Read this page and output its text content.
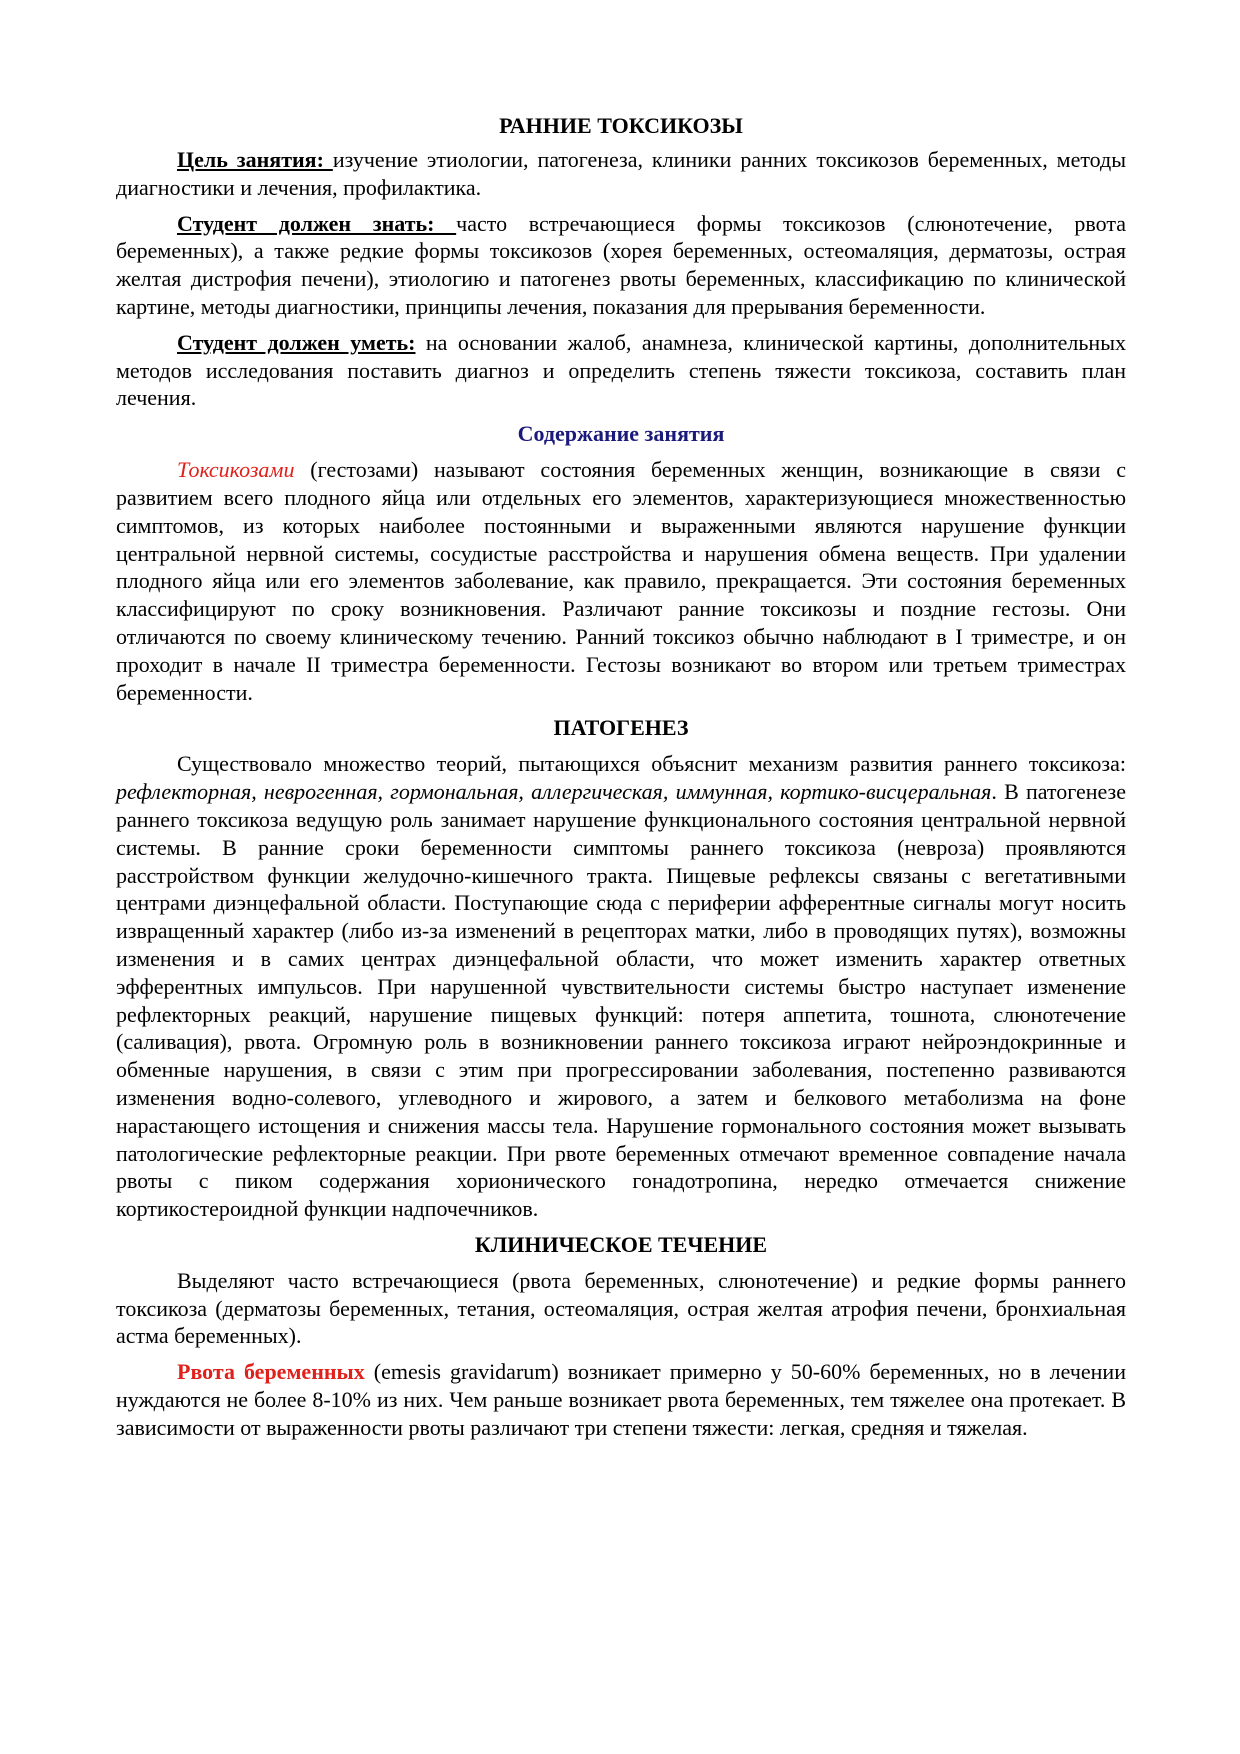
РАННИЕ ТОКСИКОЗЫ

Цель занятия: изучение этиологии, патогенеза, клиники ранних токсикозов беременных, методы диагностики и лечения, профилактика.

Студент должен знать: часто встречающиеся формы токсикозов (слюнотечение, рвота беременных), а также редкие формы токсикозов (хорея беременных, остеомаляция, дерматозы, острая желтая дистрофия печени), этиологию и патогенез рвоты беременных, классификацию по клинической картине, методы диагностики, принципы лечения, показания для прерывания беременности.

Студент должен уметь: на основании жалоб, анамнеза, клинической картины, дополнительных методов исследования поставить диагноз и определить степень тяжести токсикоза, составить план лечения.

Содержание занятия

Токсикозами (гестозами) называют состояния беременных женщин, возникающие в связи с развитием всего плодного яйца или отдельных его элементов, характеризующиеся множественностью симптомов, из которых наиболее постоянными и выраженными являются нарушение функции центральной нервной системы, сосудистые расстройства и нарушения обмена веществ. При удалении плодного яйца или его элементов заболевание, как правило, прекращается. Эти состояния беременных классифицируют по сроку возникновения. Различают ранние токсикозы и поздние гестозы. Они отличаются по своему клиническому течению. Ранний токсикоз обычно наблюдают в I триместре, и он проходит в начале II триместра беременности. Гестозы возникают во втором или третьем триместрах беременности.

ПАТОГЕНЕЗ

Существовало множество теорий, пытающихся объяснит механизм развития раннего токсикоза: рефлекторная, неврогенная, гормональная, аллергическая, иммунная, кортико-висцеральная. В патогенезе раннего токсикоза ведущую роль занимает нарушение функционального состояния центральной нервной системы. В ранние сроки беременности симптомы раннего токсикоза (невроза) проявляются расстройством функции желудочно-кишечного тракта. Пищевые рефлексы связаны с вегетативными центрами диэнцефальной области. Поступающие сюда с периферии афферентные сигналы могут носить извращенный характер (либо из-за изменений в рецепторах матки, либо в проводящих путях), возможны изменения и в самих центрах диэнцефальной области, что может изменить характер ответных эфферентных импульсов. При нарушенной чувствительности системы быстро наступает изменение рефлекторных реакций, нарушение пищевых функций: потеря аппетита, тошнота, слюнотечение (саливация), рвота. Огромную роль в возникновении раннего токсикоза играют нейроэндокринные и обменные нарушения, в связи с этим при прогрессировании заболевания, постепенно развиваются изменения водно-солевого, углеводного и жирового, а затем и белкового метаболизма на фоне нарастающего истощения и снижения массы тела. Нарушение гормонального состояния может вызывать патологические рефлекторные реакции. При рвоте беременных отмечают временное совпадение начала рвоты с пиком содержания хорионического гонадотропина, нередко отмечается снижение кортикостероидной функции надпочечников.

КЛИНИЧЕСКОЕ ТЕЧЕНИЕ

Выделяют часто встречающиеся (рвота беременных, слюнотечение) и редкие формы раннего токсикоза (дерматозы беременных, тетания, остеомаляция, острая желтая атрофия печени, бронхиальная астма беременных).

Рвота беременных (emesis gravidarum) возникает примерно у 50-60% беременных, но в лечении нуждаются не более 8-10% из них. Чем раньше возникает рвота беременных, тем тяжелее она протекает. В зависимости от выраженности рвоты различают три степени тяжести: легкая, средняя и тяжелая.
